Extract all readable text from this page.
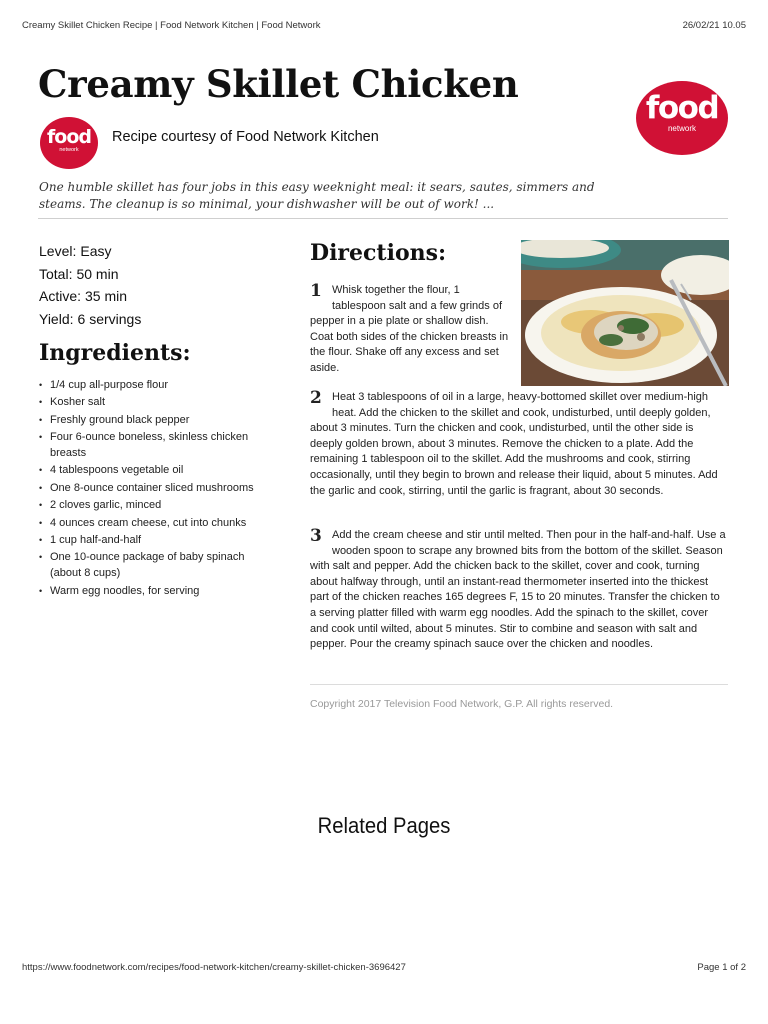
Creamy Skillet Chicken Recipe | Food Network Kitchen | Food Network	26/02/21 10.05
Creamy Skillet Chicken
food
network
food
network
Recipe courtesy of Food Network Kitchen

One humble skillet has four jobs in this easy weeknight meal: it sears, sautes, simmers and steams. The cleanup is so minimal, your dishwasher will be out of work! ...

Level: Easy
Total: 50 min
Active: 35 min
Yield: 6 servings
Ingredients:
• 1/4 cup all-purpose flour
• Kosher salt
• Freshly ground black pepper
• Four 6-ounce boneless, skinless chicken breasts
• 4 tablespoons vegetable oil
• One 8-ounce container sliced mushrooms
• 2 cloves garlic, minced
• 4 ounces cream cheese, cut into chunks
• 1 cup half-and-half
• One 10-ounce package of baby spinach (about 8 cups)
• Warm egg noodles, for serving
Directions:
1 Whisk together the flour, 1 tablespoon salt and a few grinds of pepper in a pie plate or shallow dish. Coat both sides of the chicken breasts in the flour. Shake off any excess and set aside.
2 Heat 3 tablespoons of oil in a large, heavy-bottomed skillet over medium-high heat. Add the chicken to the skillet and cook, undisturbed, until deeply golden, about 3 minutes. Turn the chicken and cook, undisturbed, until the other side is deeply golden brown, about 3 minutes. Remove the chicken to a plate. Add the remaining 1 tablespoon oil to the skillet. Add the mushrooms and cook, stirring occasionally, until they begin to brown and release their liquid, about 5 minutes. Add the garlic and cook, stirring, until the garlic is fragrant, about 30 seconds.
3 Add the cream cheese and stir until melted. Then pour in the half-and-half. Use a wooden spoon to scrape any browned bits from the bottom of the skillet. Season with salt and pepper. Add the chicken back to the skillet, cover and cook, turning about halfway through, until an instant-read thermometer inserted into the thickest part of the chicken reaches 165 degrees F, 15 to 20 minutes. Transfer the chicken to a serving platter filled with warm egg noodles. Add the spinach to the skillet, cover and cook until wilted, about 5 minutes. Stir to combine and season with salt and pepper. Pour the creamy spinach sauce over the chicken and noodles.
Copyright 2017 Television Food Network, G.P. All rights reserved.
Related Pages
https://www.foodnetwork.com/recipes/food-network-kitchen/creamy-skillet-chicken-3696427	Page 1 of 2
